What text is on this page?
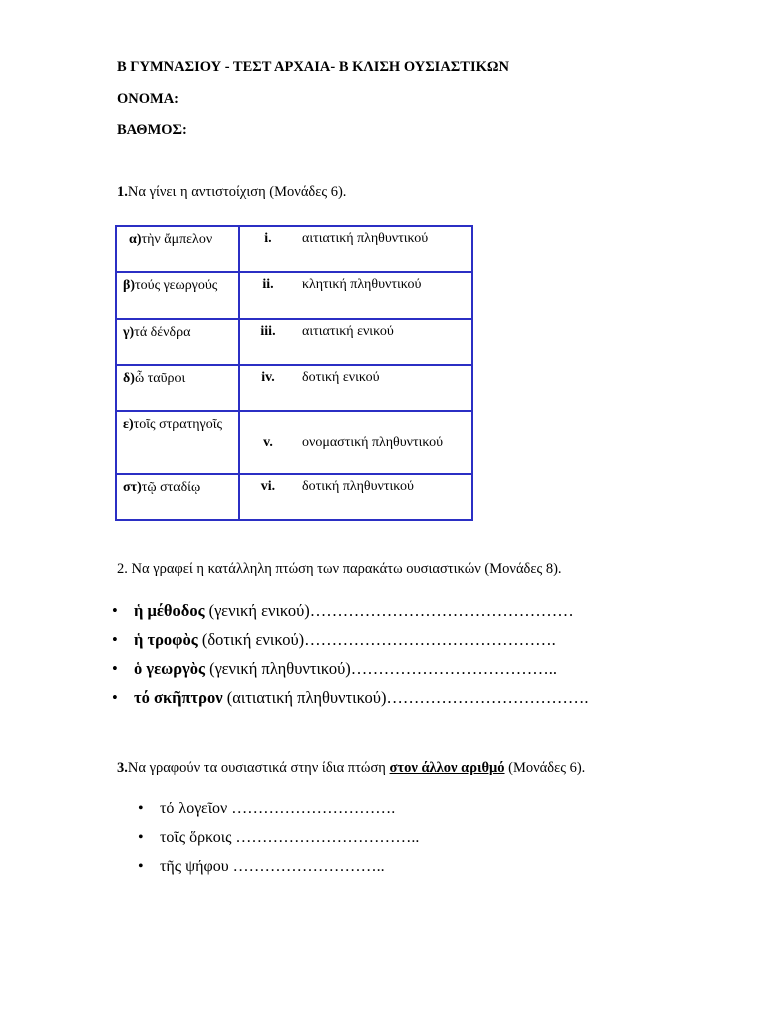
Β ΓΥΜΝΑΣΙΟΥ - ΤΕΣΤ ΑΡΧΑΙΑ- Β ΚΛΙΣΗ ΟΥΣΙΑΣΤΙΚΩΝ
ΟΝΟΜΑ:
ΒΑΘΜΟΣ:
1.Να γίνει η αντιστοίχιση (Μονάδες 6).
α)τὴν ἄμπελον	i.	αιτιατική πληθυντικού
β)τούς γεωργούς	ii.	κλητική πληθυντικού
γ)τά δένδρα	iii.	αιτιατική ενικού
δ)ὦ ταῦροι	iv.	δοτική ενικού
ε)τοῖς στρατηγοῖς	v.	ονομαστική πληθυντικού
στ)τῷ σταδίῳ	vi.	δοτική πληθυντικού
2. Να γραφεί η κατάλληλη πτώση των παρακάτω ουσιαστικών (Μονάδες 8).
• ἡ μέθοδος (γενική ενικού)…………………………………………
• ἡ τροφὸς (δοτική ενικού)……………………………………….
• ὁ γεωργὸς (γενική πληθυντικού)………………………………..
• τό σκῆπτρον (αιτιατική πληθυντικού)……………………………….
3.Να γραφούν τα ουσιαστικά στην ίδια πτώση στον άλλον αριθμό (Μονάδες 6).
• τό λογεῖον ………………………….
• τοῖς ὅρκοις ……………………………..
• τῆς ψήφου ………………………..
